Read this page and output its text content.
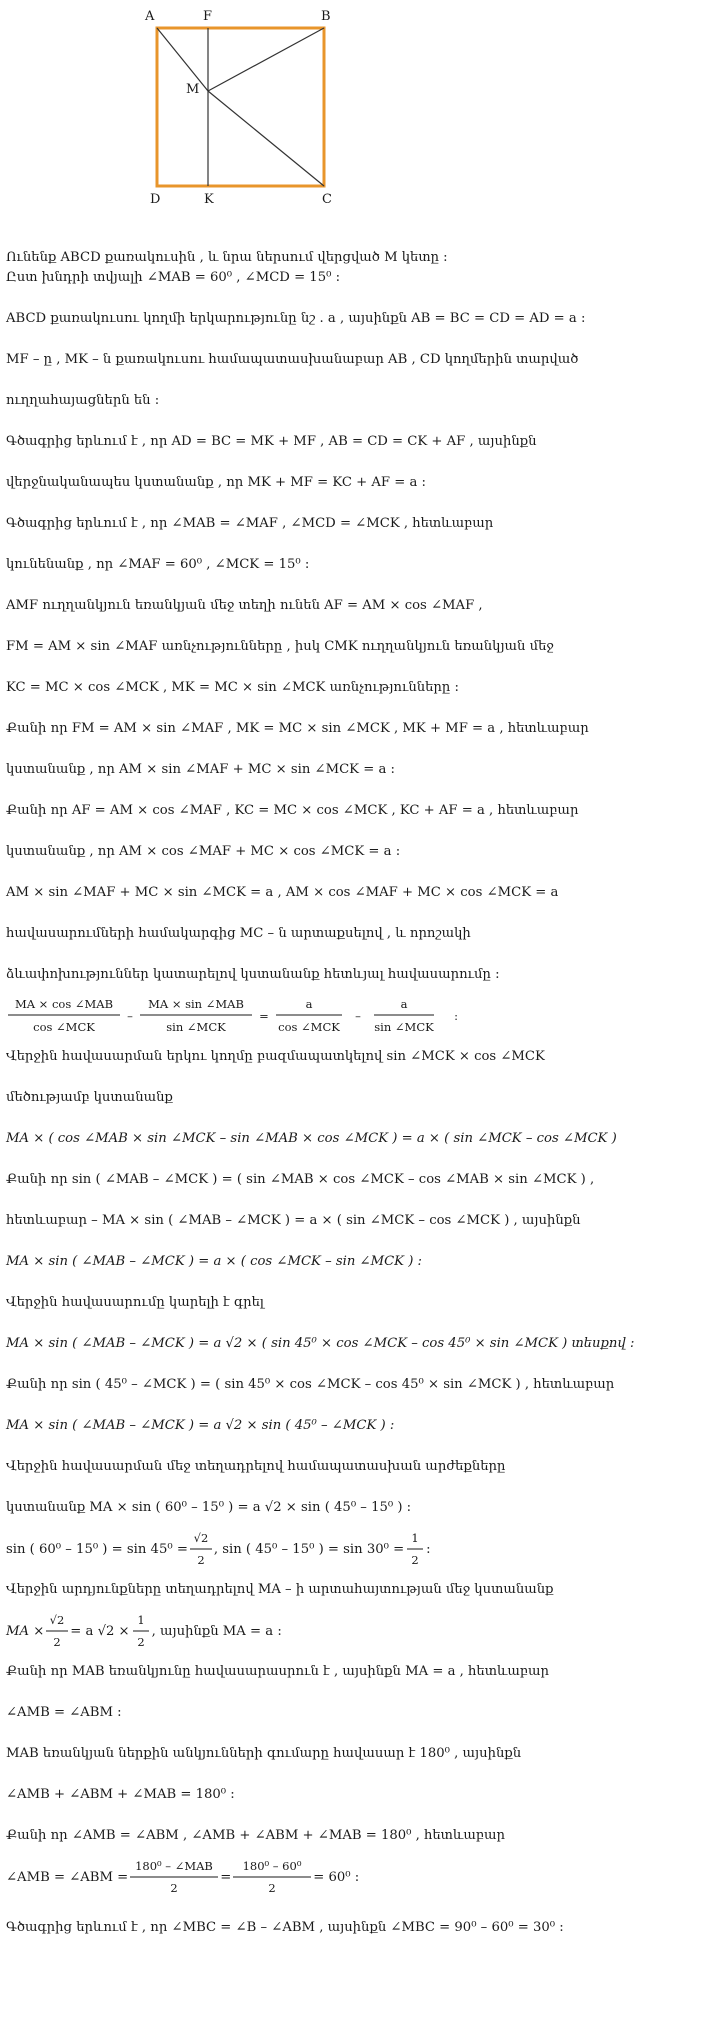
A	F	B
M
D	K	C

Ունենք ABCD քառակուսին , և նրա ներսում վերցված M կետը :

Ըստ խնդրի տվյալի ∠MAB = 60⁰ , ∠MCD = 15⁰ :

ABCD քառակուսու կողմի երկարությունը նշ . a , այսինքն AB = BC = CD = AD = a :

MF – ը , MK – ն քառակուսու համապատասխանաբար AB , CD կողմերին տարված

ուղղահայացներն են :

Գծագրից երևում է , որ AD = BC = MK + MF , AB = CD = CK + AF , այսինքն

վերջնականապես կստանանք , որ MK + MF = KC + AF = a :

Գծագրից երևում է , որ ∠MAB = ∠MAF , ∠MCD = ∠MCK , հետևաբար

կունենանք , որ ∠MAF = 60⁰ , ∠MCK = 15⁰ :

AMF ուղղանկյուն եռանկյան մեջ տեղի ունեն AF = AM × cos ∠MAF ,

FM = AM × sin ∠MAF առնչությունները , իսկ CMK ուղղանկյուն եռանկյան մեջ

KC = MC × cos ∠MCK , MK = MC × sin ∠MCK առնչությունները :

Քանի որ FM = AM × sin ∠MAF , MK = MC × sin ∠MCK , MK + MF = a , հետևաբար

կստանանք , որ AM × sin ∠MAF + MC × sin ∠MCK = a :

Քանի որ AF = AM × cos ∠MAF , KC = MC × cos ∠MCK , KC + AF = a , հետևաբար

կստանանք , որ AM × cos ∠MAF + MC × cos ∠MCK = a :

AM × sin ∠MAF + MC × sin ∠MCK = a , AM × cos ∠MAF + MC × cos ∠MCK = a

հավասարումների համակարգից MC – ն արտաքսելով , և որոշակի

ձևափոխություններ կատարելով կստանանք հետևյալ հավասարումը :

MA × cos ∠MAB
cos ∠MCK
–
MA × sin ∠MAB
sin ∠MCK
=
a
cos ∠MCK
–
a
sin ∠MCK
:

Վերջին հավասարման երկու կողմը բազմապատկելով sin ∠MCK × cos ∠MCK

մեծությամբ կստանանք

MA × ( cos ∠MAB × sin ∠MCK – sin ∠MAB × cos ∠MCK ) = a × ( sin ∠MCK – cos ∠MCK )

Քանի որ sin ( ∠MAB – ∠MCK ) = ( sin ∠MAB × cos ∠MCK – cos ∠MAB × sin ∠MCK ) ,

հետևաբար – MA × sin ( ∠MAB – ∠MCK ) = a × ( sin ∠MCK – cos ∠MCK ) , այսինքն

MA × sin ( ∠MAB – ∠MCK ) = a × ( cos ∠MCK – sin ∠MCK ) :

Վերջին հավասարումը կարելի է գրել

MA × sin ( ∠MAB – ∠MCK ) = a √2 × ( sin 45⁰ × cos ∠MCK – cos 45⁰ × sin ∠MCK ) տեսքով :

Քանի որ sin ( 45⁰ – ∠MCK ) = ( sin 45⁰ × cos ∠MCK – cos 45⁰ × sin ∠MCK ) , հետևաբար

MA × sin ( ∠MAB – ∠MCK ) = a √2 × sin ( 45⁰ – ∠MCK ) :

Վերջին հավասարման մեջ տեղադրելով համապատասխան արժեքները

կստանանք MA × sin ( 60⁰ – 15⁰ ) = a √2 × sin ( 45⁰ – 15⁰ ) :

sin ( 60⁰ – 15⁰ ) = sin 45⁰ =
√2
2
, sin ( 45⁰ – 15⁰ ) = sin 30⁰ =
1
2
:

Վերջին արդյունքները տեղադրելով MA – ի արտահայտության մեջ կստանանք

MA ×
√2
2
= a √2 ×
1
2
, այսինքն MA = a :

Քանի որ MAB եռանկյունը հավասարասրուն է , այսինքն MA = a , հետևաբար

∠AMB = ∠ABM :

MAB եռանկյան ներքին անկյունների գումարը հավասար է 180⁰ , այսինքն

∠AMB + ∠ABM + ∠MAB = 180⁰ :

Քանի որ ∠AMB = ∠ABM , ∠AMB + ∠ABM + ∠MAB = 180⁰ , հետևաբար

∠AMB = ∠ABM =
180⁰ – ∠MAB
2
=
180⁰ – 60⁰
2
= 60⁰ :

Գծագրից երևում է , որ ∠MBC = ∠B – ∠ABM , այսինքն ∠MBC = 90⁰ – 60⁰ = 30⁰ :
